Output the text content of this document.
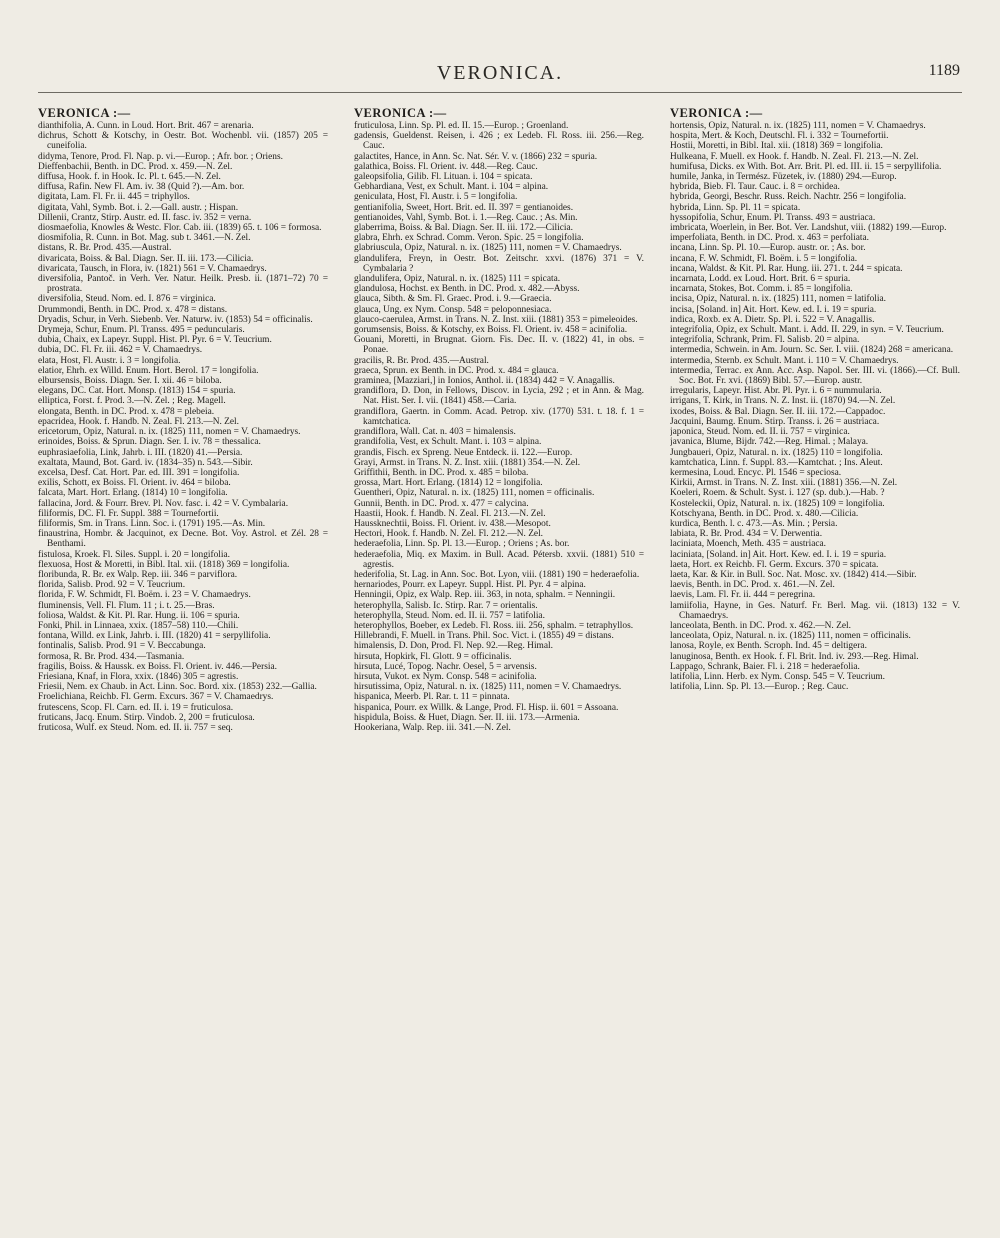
VERONICA.	1189
VERONICA :—
dianthifolia, A. Cunn. in Loud. Hort. Brit. 467 = arenaria.
dichrus, Schott & Kotschy, in Oestr. Bot. Wochenbl. vii. (1857) 205 = cuneifolia.
didyma, Tenore, Prod. Fl. Nap. p. vi.—Europ. ; Afr. bor. ; Oriens.
Dieffenbachii, Benth. in DC. Prod. x. 459.—N. Zel.
diffusa, Hook. f. in Hook. Ic. Pl. t. 645.—N. Zel.
diffusa, Rafin. New Fl. Am. iv. 38 (Quid ?).—Am. bor.
digitata, Lam. Fl. Fr. ii. 445 = triphyllos.
digitata, Vahl, Symb. Bot. i. 2.—Gall. austr. ; Hispan.
Dillenii, Crantz, Stirp. Austr. ed. II. fasc. iv. 352 = verna.
diosmaefolia, Knowles & Westc. Flor. Cab. iii. (1839) 65. t. 106 = formosa.
diosmifolia, R. Cunn. in Bot. Mag. sub t. 3461.—N. Zel.
distans, R. Br. Prod. 435.—Austral.
divaricata, Boiss. & Bal. Diagn. Ser. II. iii. 173.—Cilicia.
divaricata, Tausch, in Flora, iv. (1821) 561 = V. Chamaedrys.
diversifolia, Pantoč. in Verh. Ver. Natur. Heilk. Presb. ii. (1871–72) 70 = prostrata.
diversifolia, Steud. Nom. ed. I. 876 = virginica.
Drummondi, Benth. in DC. Prod. x. 478 = distans.
Dryadis, Schur, in Verh. Siebenb. Ver. Naturw. iv. (1853) 54 = officinalis.
Drymeja, Schur, Enum. Pl. Transs. 495 = peduncularis.
dubia, Chaix, ex Lapeyr. Suppl. Hist. Pl. Pyr. 6 = V. Teucrium.
dubia, DC. Fl. Fr. iii. 462 = V. Chamaedrys.
elata, Host, Fl. Austr. i. 3 = longifolia.
elatior, Ehrh. ex Willd. Enum. Hort. Berol. 17 = longifolia.
elbursensis, Boiss. Diagn. Ser. I. xii. 46 = biloba.
elegans, DC. Cat. Hort. Monsp. (1813) 154 = spuria.
elliptica, Forst. f. Prod. 3.—N. Zel. ; Reg. Magell.
elongata, Benth. in DC. Prod. x. 478 = plebeia.
epacridea, Hook. f. Handb. N. Zeal. Fl. 213.—N. Zel.
ericetorum, Opiz, Natural. n. ix. (1825) 111, nomen = V. Chamaedrys.
erinoides, Boiss. & Sprun. Diagn. Ser. I. iv. 78 = thessalica.
euphrasiaefolia, Link, Jahrb. i. III. (1820) 41.—Persia.
exaltata, Maund, Bot. Gard. iv. (1834–35) n. 543.—Sibir.
excelsa, Desf. Cat. Hort. Par. ed. III. 391 = longifolia.
exilis, Schott, ex Boiss. Fl. Orient. iv. 464 = biloba.
falcata, Mart. Hort. Erlang. (1814) 10 = longifolia.
fallacina, Jord. & Fourr. Brev. Pl. Nov. fasc. i. 42 = V. Cymbalaria.
filiformis, DC. Fl. Fr. Suppl. 388 = Tournefortii.
filiformis, Sm. in Trans. Linn. Soc. i. (1791) 195.—As. Min.
finaustrina, Hombr. & Jacquinot, ex Decne. Bot. Voy. Astrol. et Zél. 28 = Benthami.
fistulosa, Kroek. Fl. Siles. Suppl. i. 20 = longifolia.
flexuosa, Host & Moretti, in Bibl. Ital. xii. (1818) 369 = longifolia.
floribunda, R. Br. ex Walp. Rep. iii. 346 = parviflora.
florida, Salisb. Prod. 92 = V. Teucrium.
florida, F. W. Schmidt, Fl. Boëm. i. 23 = V. Chamaedrys.
fluminensis, Vell. Fl. Flum. 11 ; i. t. 25.—Bras.
foliosa, Waldst. & Kit. Pl. Rar. Hung. ii. 106 = spuria.
Fonki, Phil. in Linnaea, xxix. (1857–58) 110.—Chili.
fontana, Willd. ex Link, Jahrb. i. III. (1820) 41 = serpyllifolia.
fontinalis, Salisb. Prod. 91 = V. Beccabunga.
formosa, R. Br. Prod. 434.—Tasmania.
fragilis, Boiss. & Haussk. ex Boiss. Fl. Orient. iv. 446.—Persia.
Friesiana, Knaf, in Flora, xxix. (1846) 305 = agrestis.
Friesii, Nem. ex Chaub. in Act. Linn. Soc. Bord. xix. (1853) 232.—Gallia.
Froelichiana, Reichb. Fl. Germ. Excurs. 367 = V. Chamaedrys.
frutescens, Scop. Fl. Carn. ed. II. i. 19 = fruticulosa.
fruticans, Jacq. Enum. Stirp. Vindob. 2, 200 = fruticulosa.
fruticosa, Wulf. ex Steud. Nom. ed. II. ii. 757 = seq.
VERONICA :—
fruticulosa, Linn. Sp. Pl. ed. II. 15.—Europ. ; Groenland.
gadensis, Gueldenst. Reisen, i. 426 ; ex Ledeb. Fl. Ross. iii. 256.—Reg. Cauc.
galactites, Hance, in Ann. Sc. Nat. Sér. V. v. (1866) 232 = spuria.
galathica, Boiss. Fl. Orient. iv. 448.—Reg. Cauc.
galeopsifolia, Gilib. Fl. Lituan. i. 104 = spicata.
Gebhardiana, Vest, ex Schult. Mant. i. 104 = alpina.
geniculata, Host, Fl. Austr. i. 5 = longifolia.
gentianifolia, Sweet, Hort. Brit. ed. II. 397 = gentianoides.
gentianoides, Vahl, Symb. Bot. i. 1.—Reg. Cauc. ; As. Min.
glaberrima, Boiss. & Bal. Diagn. Ser. II. iii. 172.—Cilicia.
glabra, Ehrh. ex Schrad. Comm. Veron. Spic. 25 = longifolia.
glabriuscula, Opiz, Natural. n. ix. (1825) 111, nomen = V. Chamaedrys.
glandulifera, Freyn, in Oestr. Bot. Zeitschr. xxvi. (1876) 371 = V. Cymbalaria ?
glandulifera, Opiz, Natural. n. ix. (1825) 111 = spicata.
glandulosa, Hochst. ex Benth. in DC. Prod. x. 482.—Abyss.
glauca, Sibth. & Sm. Fl. Graec. Prod. i. 9.—Graecia.
glauca, Ung. ex Nym. Consp. 548 = peloponnesiaca.
glauco-caerulea, Armst. in Trans. N. Z. Inst. xiii. (1881) 353 = pimeleoides.
gorumsensis, Boiss. & Kotschy, ex Boiss. Fl. Orient. iv. 458 = acinifolia.
Gouani, Moretti, in Brugnat. Giorn. Fis. Dec. II. v. (1822) 41, in obs. = Ponae.
gracilis, R. Br. Prod. 435.—Austral.
graeca, Sprun. ex Benth. in DC. Prod. x. 484 = glauca.
graminea, [Mazziari,] in Ionios, Anthol. ii. (1834) 442 = V. Anagallis.
grandiflora, D. Don, in Fellows, Discov. in Lycia, 292 ; et in Ann. & Mag. Nat. Hist. Ser. I. vii. (1841) 458.—Caria.
grandiflora, Gaertn. in Comm. Acad. Petrop. xiv. (1770) 531. t. 18. f. 1 = kamtchatica.
grandiflora, Wall. Cat. n. 403 = himalensis.
grandifolia, Vest, ex Schult. Mant. i. 103 = alpina.
grandis, Fisch. ex Spreng. Neue Entdeck. ii. 122.—Europ.
Grayi, Armst. in Trans. N. Z. Inst. xiii. (1881) 354.—N. Zel.
Griffithii, Benth. in DC. Prod. x. 485 = biloba.
grossa, Mart. Hort. Erlang. (1814) 12 = longifolia.
Guentheri, Opiz, Natural. n. ix. (1825) 111, nomen = officinalis.
Gunnii, Benth. in DC. Prod. x. 477 = calycina.
Haastii, Hook. f. Handb. N. Zeal. Fl. 213.—N. Zel.
Haussknechtii, Boiss. Fl. Orient. iv. 438.—Mesopot.
Hectori, Hook. f. Handb. N. Zel. Fl. 212.—N. Zel.
hederaefolia, Linn. Sp. Pl. 13.—Europ. ; Oriens ; As. bor.
hederaefolia, Miq. ex Maxim. in Bull. Acad. Pétersb. xxvii. (1881) 510 = agrestis.
hederifolia, St. Lag. in Ann. Soc. Bot. Lyon, viii. (1881) 190 = hederaefolia.
hernariodes, Pourr. ex Lapeyr. Suppl. Hist. Pl. Pyr. 4 = alpina.
Henningii, Opiz, ex Walp. Rep. iii. 363, in nota, sphalm. = Nenningii.
heterophylla, Salisb. Ic. Stirp. Rar. 7 = orientalis.
heterophylla, Steud. Nom. ed. II. ii. 757 = latifolia.
heterophyllos, Boeber, ex Ledeb. Fl. Ross. iii. 256, sphalm. = tetraphyllos.
Hillebrandi, F. Muell. in Trans. Phil. Soc. Vict. i. (1855) 49 = distans.
himalensis, D. Don, Prod. Fl. Nep. 92.—Reg. Himal.
hirsuta, Hopkirk, Fl. Glott. 9 = officinalis.
hirsuta, Lucé, Topog. Nachr. Oesel, 5 = arvensis.
hirsuta, Vukot. ex Nym. Consp. 548 = acinifolia.
hirsutissima, Opiz, Natural. n. ix. (1825) 111, nomen = V. Chamaedrys.
hispanica, Meerb. Pl. Rar. t. 11 = pinnata.
hispanica, Pourr. ex Willk. & Lange, Prod. Fl. Hisp. ii. 601 = Assoana.
hispidula, Boiss. & Huet, Diagn. Ser. II. iii. 173.—Armenia.
Hookeriana, Walp. Rep. iii. 341.—N. Zel.
VERONICA :—
hortensis, Opiz, Natural. n. ix. (1825) 111, nomen = V. Chamaedrys.
hospita, Mert. & Koch, Deutschl. Fl. i. 332 = Tournefortii.
Hostii, Moretti, in Bibl. Ital. xii. (1818) 369 = longifolia.
Hulkeana, F. Muell. ex Hook. f. Handb. N. Zeal. Fl. 213.—N. Zel.
humifusa, Dicks. ex With. Bot. Arr. Brit. Pl. ed. III. ii. 15 = serpyllifolia.
humile, Janka, in Termész. Füzetek, iv. (1880) 294.—Europ.
hybrida, Bieb. Fl. Taur. Cauc. i. 8 = orchidea.
hybrida, Georgi, Beschr. Russ. Reich. Nachtr. 256 = longifolia.
hybrida, Linn. Sp. Pl. 11 = spicata.
hyssopifolia, Schur, Enum. Pl. Transs. 493 = austriaca.
imbricata, Woerlein, in Ber. Bot. Ver. Landshut, viii. (1882) 199.—Europ.
imperfoliata, Benth. in DC. Prod. x. 463 = perfoliata.
incana, Linn. Sp. Pl. 10.—Europ. austr. or. ; As. bor.
incana, F. W. Schmidt, Fl. Boëm. i. 5 = longifolia.
incana, Waldst. & Kit. Pl. Rar. Hung. iii. 271. t. 244 = spicata.
incarnata, Lodd. ex Loud. Hort. Brit. 6 = spuria.
incarnata, Stokes, Bot. Comm. i. 85 = longifolia.
incisa, Opiz, Natural. n. ix. (1825) 111, nomen = latifolia.
incisa, [Soland. in] Ait. Hort. Kew. ed. I. i. 19 = spuria.
indica, Roxb. ex A. Dietr. Sp. Pl. i. 522 = V. Anagallis.
integrifolia, Opiz, ex Schult. Mant. i. Add. II. 229, in syn. = V. Teucrium.
integrifolia, Schrank, Prim. Fl. Salisb. 20 = alpina.
intermedia, Schwein. in Am. Journ. Sc. Ser. I. viii. (1824) 268 = americana.
intermedia, Sternb. ex Schult. Mant. i. 110 = V. Chamaedrys.
intermedia, Terrac. ex Ann. Acc. Asp. Napol. Ser. III. vi. (1866).—Cf. Bull. Soc. Bot. Fr. xvi. (1869) Bibl. 57.—Europ. austr.
irregularis, Lapeyr. Hist. Abr. Pl. Pyr. i. 6 = nummularia.
irrigans, T. Kirk, in Trans. N. Z. Inst. ii. (1870) 94.—N. Zel.
ixodes, Boiss. & Bal. Diagn. Ser. II. iii. 172.—Cappadoc.
Jacquini, Baumg. Enum. Stirp. Transs. i. 26 = austriaca.
japonica, Steud. Nom. ed. II. ii. 757 = virginica.
javanica, Blume, Bijdr. 742.—Reg. Himal. ; Malaya.
Jungbaueri, Opiz, Natural. n. ix. (1825) 110 = longifolia.
kamtchatica, Linn. f. Suppl. 83.—Kamtchat. ; Ins. Aleut.
kermesina, Loud. Encyc. Pl. 1546 = speciosa.
Kirkii, Armst. in Trans. N. Z. Inst. xiii. (1881) 356.—N. Zel.
Koeleri, Roem. & Schult. Syst. i. 127 (sp. dub.).—Hab. ?
Kosteleckii, Opiz, Natural. n. ix. (1825) 109 = longifolia.
Kotschyana, Benth. in DC. Prod. x. 480.—Cilicia.
kurdica, Benth. l. c. 473.—As. Min. ; Persia.
labiata, R. Br. Prod. 434 = V. Derwentia.
laciniata, Moench, Meth. 435 = austriaca.
laciniata, [Soland. in] Ait. Hort. Kew. ed. I. i. 19 = spuria.
laeta, Hort. ex Reichb. Fl. Germ. Excurs. 370 = spicata.
laeta, Kar. & Kir. in Bull. Soc. Nat. Mosc. xv. (1842) 414.—Sibir.
laevis, Benth. in DC. Prod. x. 461.—N. Zel.
laevis, Lam. Fl. Fr. ii. 444 = peregrina.
lamiifolia, Hayne, in Ges. Naturf. Fr. Berl. Mag. vii. (1813) 132 = V. Chamaedrys.
lanceolata, Benth. in DC. Prod. x. 462.—N. Zel.
lanceolata, Opiz, Natural. n. ix. (1825) 111, nomen = officinalis.
lanosa, Royle, ex Benth. Scroph. Ind. 45 = deltigera.
lanuginosa, Benth. ex Hook. f. Fl. Brit. Ind. iv. 293.—Reg. Himal.
Lappago, Schrank, Baier. Fl. i. 218 = hederaefolia.
latifolia, Linn. Herb. ex Nym. Consp. 545 = V. Teucrium.
latifolia, Linn. Sp. Pl. 13.—Europ. ; Reg. Cauc.
